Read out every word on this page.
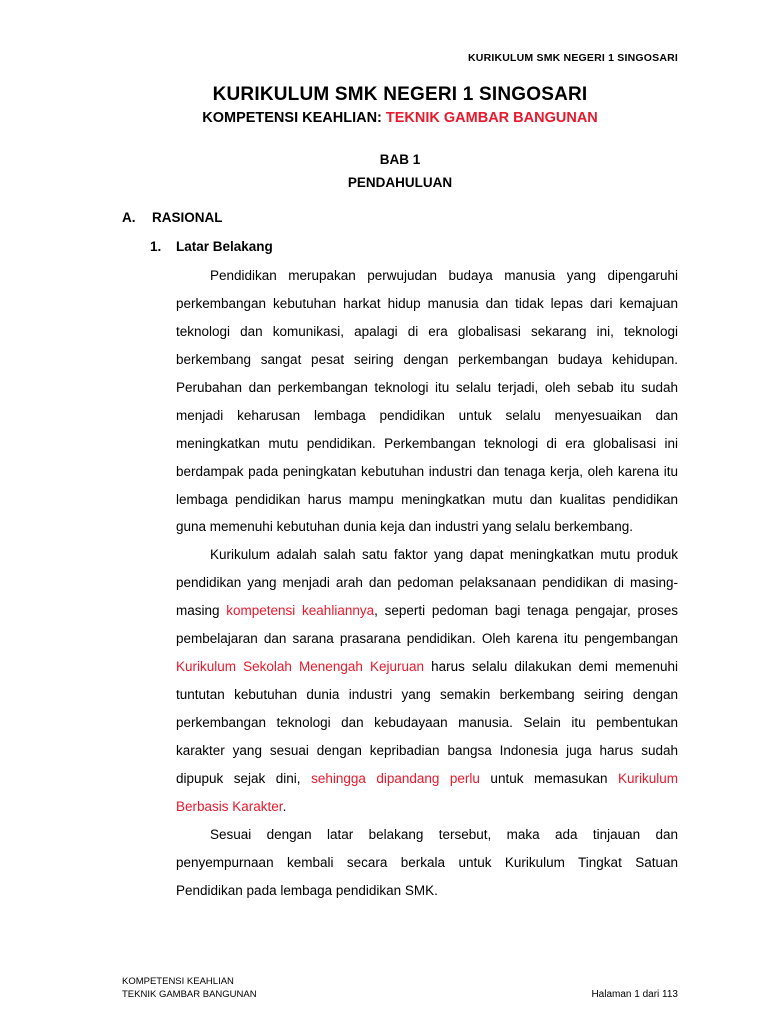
KURIKULUM SMK NEGERI 1 SINGOSARI
KURIKULUM SMK NEGERI 1 SINGOSARI
KOMPETENSI KEAHLIAN: TEKNIK GAMBAR BANGUNAN
BAB 1
PENDAHULUAN
A.	RASIONAL
1.	Latar Belakang

Pendidikan merupakan perwujudan budaya manusia yang dipengaruhi perkembangan kebutuhan harkat hidup manusia dan tidak lepas dari kemajuan teknologi dan komunikasi, apalagi di era globalisasi sekarang ini, teknologi berkembang sangat pesat seiring dengan perkembangan budaya kehidupan. Perubahan dan perkembangan teknologi itu selalu terjadi, oleh sebab itu sudah menjadi keharusan lembaga pendidikan untuk selalu menyesuaikan dan meningkatkan mutu pendidikan. Perkembangan teknologi di era globalisasi ini berdampak pada peningkatan kebutuhan industri dan tenaga kerja, oleh karena itu lembaga pendidikan harus mampu meningkatkan mutu dan kualitas pendidikan guna memenuhi kebutuhan dunia keja dan industri yang selalu berkembang.

Kurikulum adalah salah satu faktor yang dapat meningkatkan mutu produk pendidikan yang menjadi arah dan pedoman pelaksanaan pendidikan di masing-masing kompetensi keahliannya, seperti pedoman bagi tenaga pengajar, proses pembelajaran dan sarana prasarana pendidikan. Oleh karena itu pengembangan Kurikulum Sekolah Menengah Kejuruan harus selalu dilakukan demi memenuhi tuntutan kebutuhan dunia industri yang semakin berkembang seiring dengan perkembangan teknologi dan kebudayaan manusia. Selain itu pembentukan karakter yang sesuai dengan kepribadian bangsa Indonesia juga harus sudah dipupuk sejak dini, sehingga dipandang perlu untuk memasukan Kurikulum Berbasis Karakter.

Sesuai dengan latar belakang tersebut, maka ada tinjauan dan penyempurnaan kembali secara berkala untuk Kurikulum Tingkat Satuan Pendidikan pada lembaga pendidikan SMK.

KOMPETENSI KEAHLIAN
TEKNIK GAMBAR BANGUNAN	Halaman 1 dari 113
